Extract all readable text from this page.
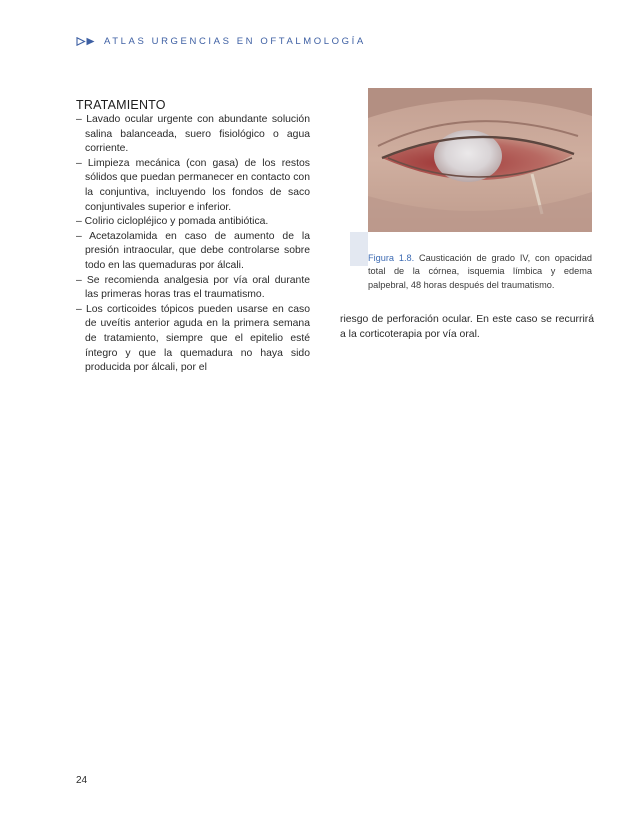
ATLAS URGENCIAS EN OFTALMOLOGÍA
TRATAMIENTO
– Lavado ocular urgente con abundante solución salina balanceada, suero fisiológico o agua corriente.
– Limpieza mecánica (con gasa) de los restos sólidos que puedan permanecer en contacto con la conjuntiva, incluyendo los fondos de saco conjuntivales superior e inferior.
– Colirio ciclopléjico y pomada antibiótica.
– Acetazolamida en caso de aumento de la presión intraocular, que debe controlarse sobre todo en las quemaduras por álcali.
– Se recomienda analgesia por vía oral durante las primeras horas tras el traumatismo.
– Los corticoides tópicos pueden usarse en caso de uveítis anterior aguda en la primera semana de tratamiento, siempre que el epitelio esté íntegro y que la quemadura no haya sido producida por álcali, por el

Figura 1.8. Causticación de grado IV, con opacidad total de la córnea, isquemia límbica y edema palpebral, 48 horas después del traumatismo.

riesgo de perforación ocular. En este caso se recurrirá a la corticoterapia por vía oral.

24
